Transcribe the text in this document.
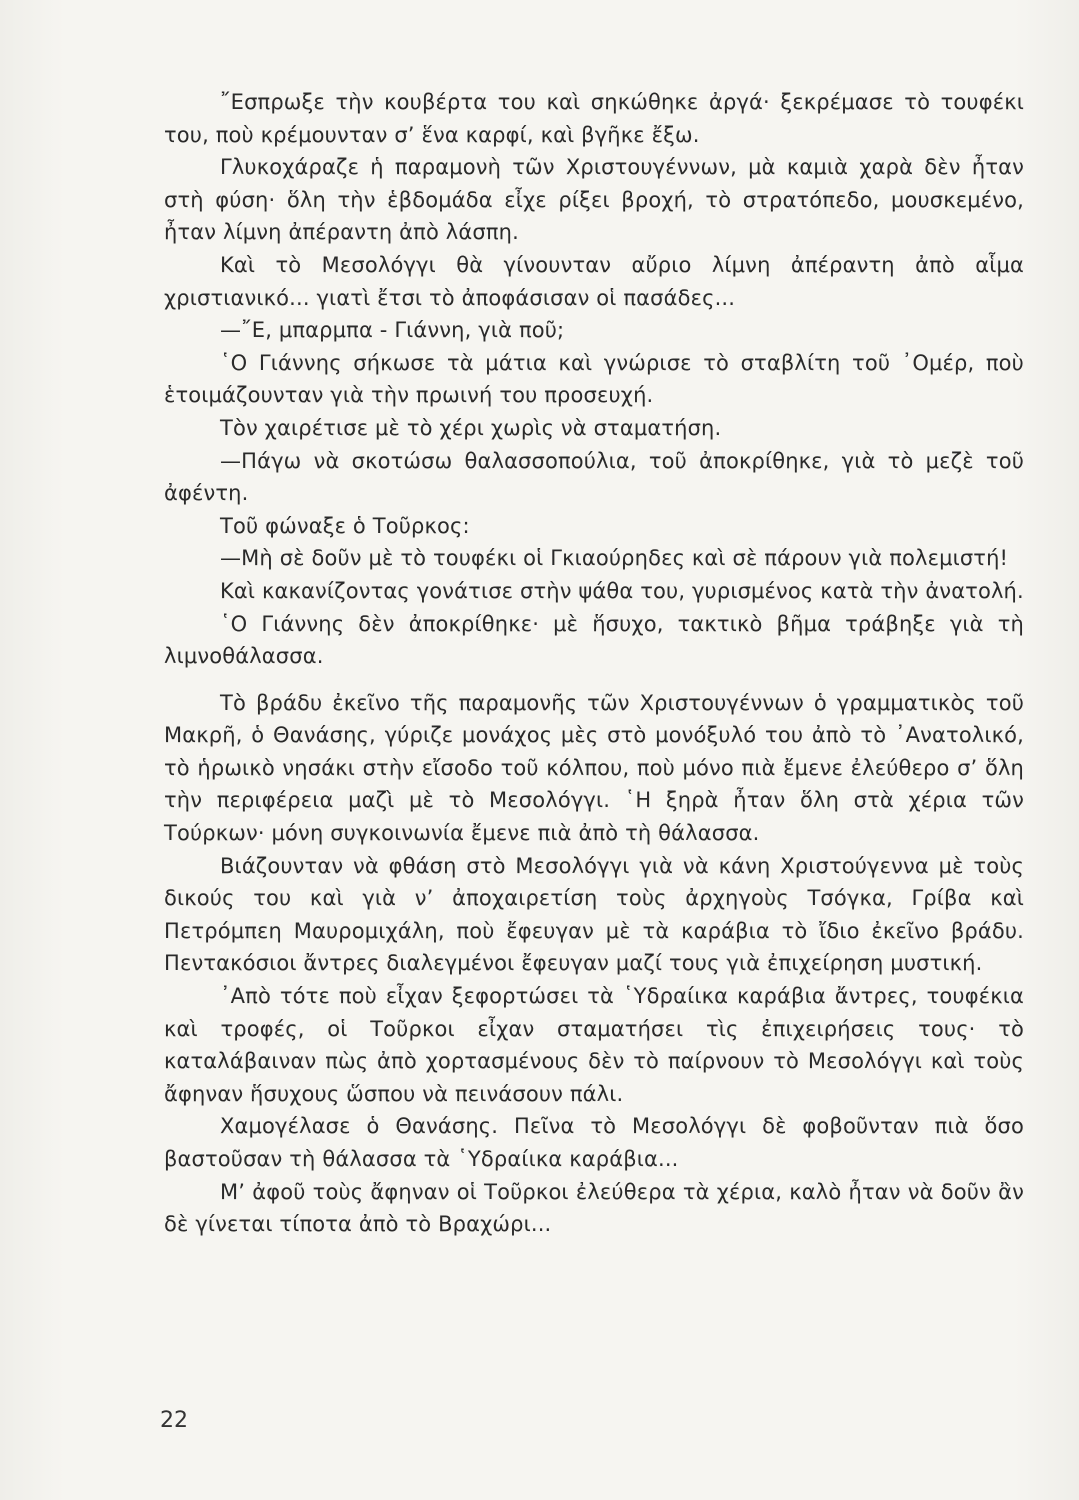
῎Εσπρωξε τὴν κουβέρτα του καὶ σηκώθηκε ἀργά· ξεκρέμασε τὸ τουφέκι του, ποὺ κρέμουνταν σ’ ἕνα καρφί, καὶ βγῆκε ἔξω.

Γλυκοχάραζε ἡ παραμονὴ τῶν Χριστουγέννων, μὰ καμιὰ χαρὰ δὲν ἦταν στὴ φύση· ὅλη τὴν ἑβδομάδα εἶχε ρίξει βροχή, τὸ στρατόπεδο, μουσκεμένο, ἦταν λίμνη ἀπέραντη ἀπὸ λάσπη.

Καὶ τὸ Μεσολόγγι θὰ γίνουνταν αὔριο λίμνη ἀπέραντη ἀπὸ αἷμα χριστιανικό... γιατὶ ἔτσι τὸ ἀποφάσισαν οἱ πασάδες...

—῎Ε, μπαρμπα - Γιάννη, γιὰ ποῦ;

῾Ο Γιάννης σήκωσε τὰ μάτια καὶ γνώρισε τὸ σταβλίτη τοῦ ᾿Ομέρ, ποὺ ἑτοιμάζουνταν γιὰ τὴν πρωινή του προσευχή.

Τὸν χαιρέτισε μὲ τὸ χέρι χωρὶς νὰ σταματήση.

—Πάγω νὰ σκοτώσω θαλασσοπούλια, τοῦ ἀποκρίθηκε, γιὰ τὸ μεζὲ τοῦ ἀφέντη.

Τοῦ φώναξε ὁ Τοῦρκος:

—Μὴ σὲ δοῦν μὲ τὸ τουφέκι οἱ Γκιαούρηδες καὶ σὲ πάρουν γιὰ πολεμιστή!

Καὶ κακανίζοντας γονάτισε στὴν ψάθα του, γυρισμένος κατὰ τὴν ἀνατολή.

῾Ο Γιάννης δὲν ἀποκρίθηκε· μὲ ἥσυχο, τακτικὸ βῆμα τράβηξε γιὰ τὴ λιμνοθάλασσα.

Τὸ βράδυ ἐκεῖνο τῆς παραμονῆς τῶν Χριστουγέννων ὁ γραμματικὸς τοῦ Μακρῆ, ὁ Θανάσης, γύριζε μονάχος μὲς στὸ μονόξυλό του ἀπὸ τὸ ᾿Ανατολικό, τὸ ἡρωικὸ νησάκι στὴν εἴσοδο τοῦ κόλπου, ποὺ μόνο πιὰ ἔμενε ἐλεύθερο σ’ ὅλη τὴν περιφέρεια μαζὶ μὲ τὸ Μεσολόγγι. ῾Η ξηρὰ ἦταν ὅλη στὰ χέρια τῶν Τούρκων· μόνη συγκοινωνία ἔμενε πιὰ ἀπὸ τὴ θάλασσα.

Βιάζουνταν νὰ φθάση στὸ Μεσολόγγι γιὰ νὰ κάνη Χριστούγεννα μὲ τοὺς δικούς του καὶ γιὰ ν’ ἀποχαιρετίση τοὺς ἀρχηγοὺς Τσόγκα, Γρίβα καὶ Πετρόμπεη Μαυρομιχάλη, ποὺ ἔφευγαν μὲ τὰ καράβια τὸ ἴδιο ἐκεῖνο βράδυ. Πεντακόσιοι ἄντρες διαλεγμένοι ἔφευγαν μαζί τους γιὰ ἐπιχείρηση μυστική.

᾿Απὸ τότε ποὺ εἶχαν ξεφορτώσει τὰ ῾Υδραίικα καράβια ἄντρες, τουφέκια καὶ τροφές, οἱ Τοῦρκοι εἶχαν σταματήσει τὶς ἐπιχειρήσεις τους· τὸ καταλάβαιναν πὼς ἀπὸ χορτασμένους δὲν τὸ παίρνουν τὸ Μεσολόγγι καὶ τοὺς ἄφηναν ἥσυχους ὥσπου νὰ πεινάσουν πάλι.

Χαμογέλασε ὁ Θανάσης. Πεῖνα τὸ Μεσολόγγι δὲ φοβοῦνταν πιὰ ὅσο βαστοῦσαν τὴ θάλασσα τὰ ῾Υδραίικα καράβια...

Μ’ ἀφοῦ τοὺς ἄφηναν οἱ Τοῦρκοι ἐλεύθερα τὰ χέρια, καλὸ ἦταν νὰ δοῦν ἂν δὲ γίνεται τίποτα ἀπὸ τὸ Βραχώρι...

22
